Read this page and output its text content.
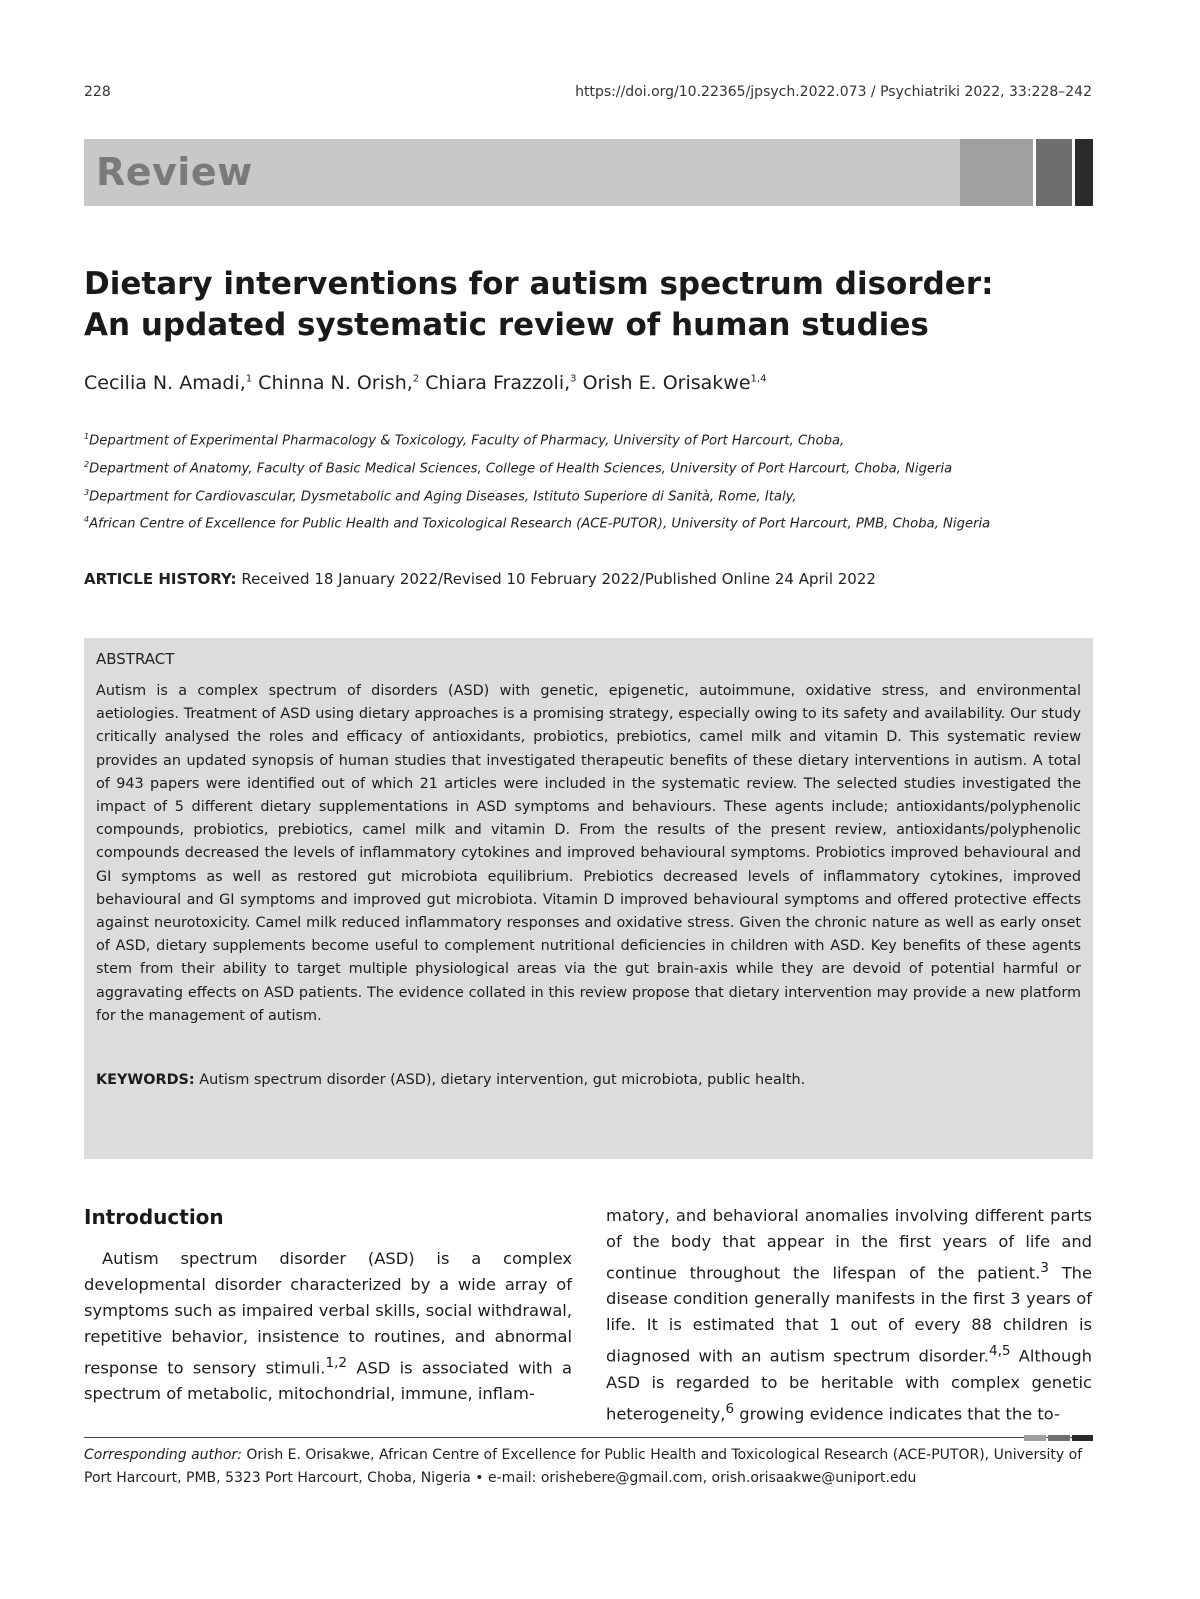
228	https://doi.org/10.22365/jpsych.2022.073 / Psychiatriki 2022, 33:228–242
Review
Dietary interventions for autism spectrum disorder:
An updated systematic review of human studies
Cecilia N. Amadi,$^1$ Chinna N. Orish,$^2$ Chiara Frazzoli,$^3$ Orish E. Orisakwe$^{1,4}$
$^1$Department of Experimental Pharmacology & Toxicology, Faculty of Pharmacy, University of Port Harcourt, Choba,
$^2$Department of Anatomy, Faculty of Basic Medical Sciences, College of Health Sciences, University of Port Harcourt, Choba, Nigeria
$^3$Department for Cardiovascular, Dysmetabolic and Aging Diseases, Istituto Superiore di Sanità, Rome, Italy,
$^4$African Centre of Excellence for Public Health and Toxicological Research (ACE-PUTOR), University of Port Harcourt, PMB, Choba, Nigeria
ARTICLE HISTORY: Received 18 January 2022/Revised 10 February 2022/Published Online 24 April 2022
ABSTRACT
Autism is a complex spectrum of disorders (ASD) with genetic, epigenetic, autoimmune, oxidative stress, and environmental aetiologies. Treatment of ASD using dietary approaches is a promising strategy, especially owing to its safety and availability. Our study critically analysed the roles and efficacy of antioxidants, probiotics, prebiotics, camel milk and vitamin D. This systematic review provides an updated synopsis of human studies that investigated therapeutic benefits of these dietary interventions in autism. A total of 943 papers were identified out of which 21 articles were included in the systematic review. The selected studies investigated the impact of 5 different dietary supplementations in ASD symptoms and behaviours. These agents include; antioxidants/polyphenolic compounds, probiotics, prebiotics, camel milk and vitamin D. From the results of the present review, antioxidants/polyphenolic compounds decreased the levels of inflammatory cytokines and improved behavioural symptoms. Probiotics improved behavioural and GI symptoms as well as restored gut microbiota equilibrium. Prebiotics decreased levels of inflammatory cytokines, improved behavioural and GI symptoms and improved gut microbiota. Vitamin D improved behavioural symptoms and offered protective effects against neurotoxicity. Camel milk reduced inflammatory responses and oxidative stress. Given the chronic nature as well as early onset of ASD, dietary supplements become useful to complement nutritional deficiencies in children with ASD. Key benefits of these agents stem from their ability to target multiple physiological areas via the gut brain-axis while they are devoid of potential harmful or aggravating effects on ASD patients. The evidence collated in this review propose that dietary intervention may provide a new platform for the management of autism.
KEYWORDS: Autism spectrum disorder (ASD), dietary intervention, gut microbiota, public health.
Introduction
Autism spectrum disorder (ASD) is a complex developmental disorder characterized by a wide array of symptoms such as impaired verbal skills, social withdrawal, repetitive behavior, insistence to routines, and abnormal response to sensory stimuli.$^{1,2}$ ASD is associated with a spectrum of metabolic, mitochondrial, immune, inflam-
matory, and behavioral anomalies involving different parts of the body that appear in the first years of life and continue throughout the lifespan of the patient.$^3$ The disease condition generally manifests in the first 3 years of life. It is estimated that 1 out of every 88 children is diagnosed with an autism spectrum disorder.$^{4,5}$ Although ASD is regarded to be heritable with complex genetic heterogeneity,$^6$ growing evidence indicates that the to-
Corresponding author: Orish E. Orisakwe, African Centre of Excellence for Public Health and Toxicological Research (ACE-PUTOR), University of Port Harcourt, PMB, 5323 Port Harcourt, Choba, Nigeria • e-mail: orishebere@gmail.com, orish.orisaakwe@uniport.edu
